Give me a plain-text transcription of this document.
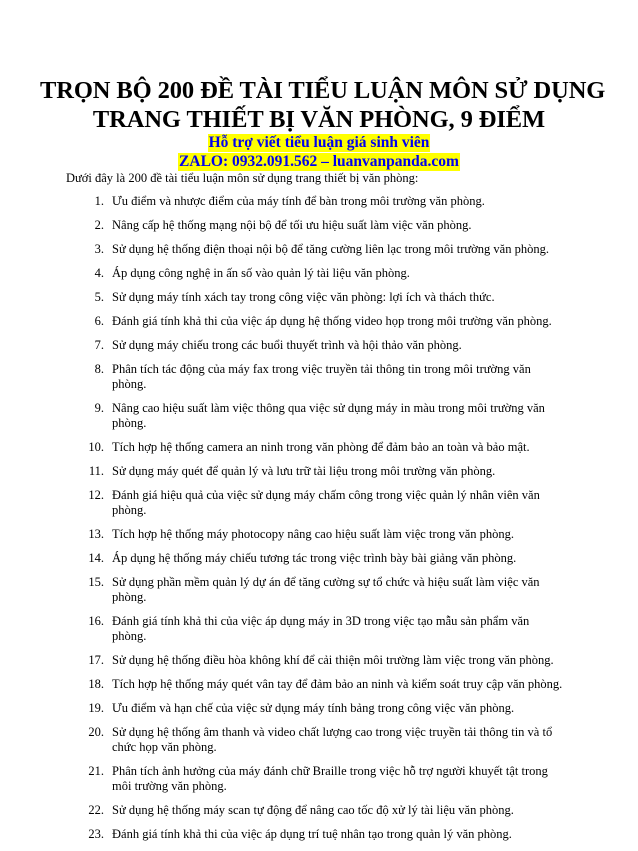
TRỌN BỘ 200 ĐỀ TÀI TIỂU LUẬN MÔN SỬ DỤNG
TRANG THIẾT BỊ VĂN PHÒNG, 9 ĐIỂM
Hỗ trợ viết tiểu luận giá sinh viên
ZALO: 0932.091.562 – luanvanpanda.com
Dưới đây là 200 đề tài tiểu luận môn sử dụng trang thiết bị văn phòng:
1. Ưu điểm và nhược điểm của máy tính để bàn trong môi trường văn phòng.
2. Nâng cấp hệ thống mạng nội bộ để tối ưu hiệu suất làm việc văn phòng.
3. Sử dụng hệ thống điện thoại nội bộ để tăng cường liên lạc trong môi trường văn phòng.
4. Áp dụng công nghệ in ấn số vào quản lý tài liệu văn phòng.
5. Sử dụng máy tính xách tay trong công việc văn phòng: lợi ích và thách thức.
6. Đánh giá tính khả thi của việc áp dụng hệ thống video họp trong môi trường văn phòng.
7. Sử dụng máy chiếu trong các buổi thuyết trình và hội thảo văn phòng.
8. Phân tích tác động của máy fax trong việc truyền tải thông tin trong môi trường văn phòng.
9. Nâng cao hiệu suất làm việc thông qua việc sử dụng máy in màu trong môi trường văn phòng.
10. Tích hợp hệ thống camera an ninh trong văn phòng để đảm bảo an toàn và bảo mật.
11. Sử dụng máy quét để quản lý và lưu trữ tài liệu trong môi trường văn phòng.
12. Đánh giá hiệu quả của việc sử dụng máy chấm công trong việc quản lý nhân viên văn phòng.
13. Tích hợp hệ thống máy photocopy nâng cao hiệu suất làm việc trong văn phòng.
14. Áp dụng hệ thống máy chiếu tương tác trong việc trình bày bài giảng văn phòng.
15. Sử dụng phần mềm quản lý dự án để tăng cường sự tổ chức và hiệu suất làm việc văn phòng.
16. Đánh giá tính khả thi của việc áp dụng máy in 3D trong việc tạo mẫu sản phẩm văn phòng.
17. Sử dụng hệ thống điều hòa không khí để cải thiện môi trường làm việc trong văn phòng.
18. Tích hợp hệ thống máy quét vân tay để đảm bảo an ninh và kiểm soát truy cập văn phòng.
19. Ưu điểm và hạn chế của việc sử dụng máy tính bảng trong công việc văn phòng.
20. Sử dụng hệ thống âm thanh và video chất lượng cao trong việc truyền tải thông tin và tổ chức họp văn phòng.
21. Phân tích ảnh hưởng của máy đánh chữ Braille trong việc hỗ trợ người khuyết tật trong môi trường văn phòng.
22. Sử dụng hệ thống máy scan tự động để nâng cao tốc độ xử lý tài liệu văn phòng.
23. Đánh giá tính khả thi của việc áp dụng trí tuệ nhân tạo trong quản lý văn phòng.
